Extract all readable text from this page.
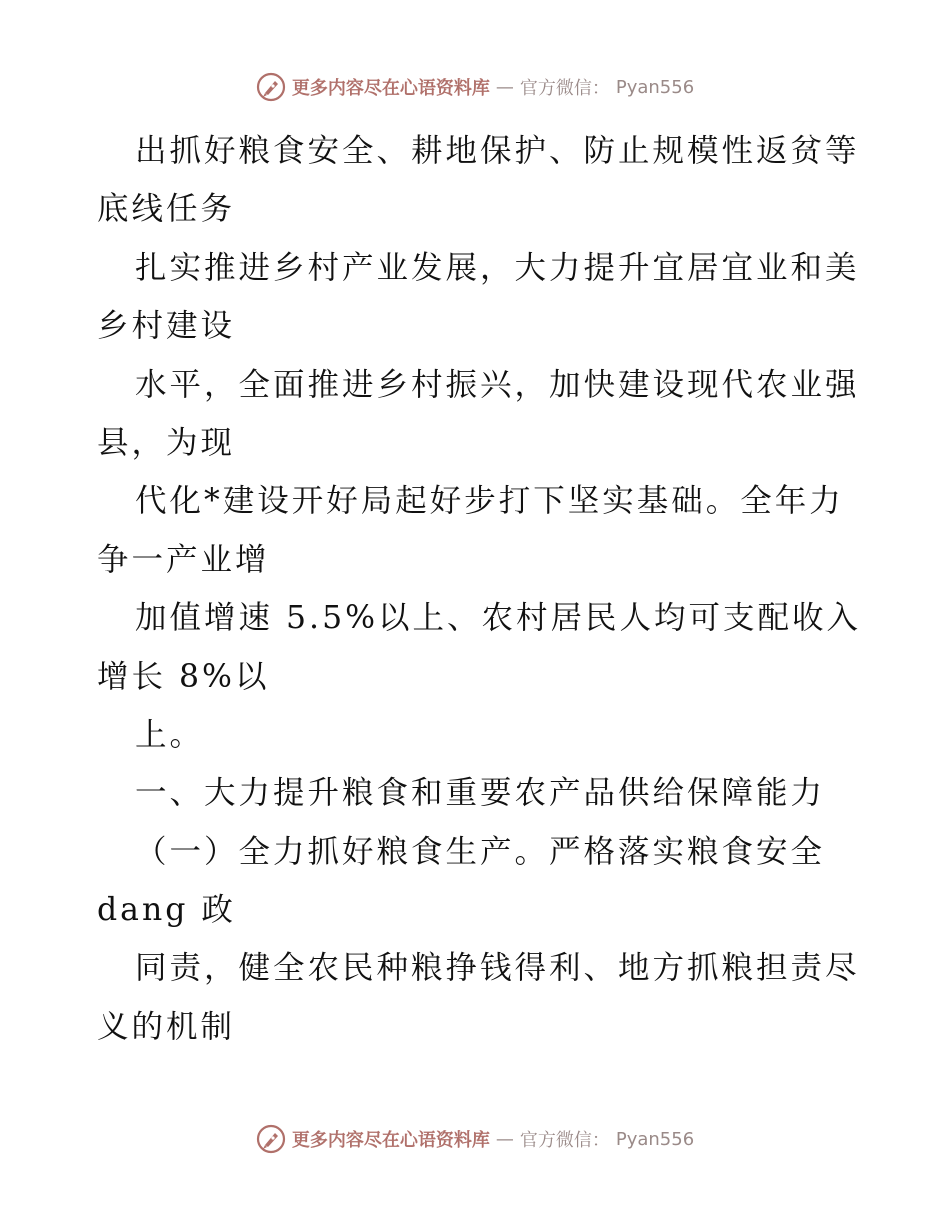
更多内容尽在心语资料库 — 官方微信： Pyan556
出抓好粮食安全、耕地保护、防止规模性返贫等
底线任务
扎实推进乡村产业发展，大力提升宜居宜业和美
乡村建设
水平，全面推进乡村振兴，加快建设现代农业强
县，为现
代化*建设开好局起好步打下坚实基础。全年力
争一产业增
加值增速 5.5%以上、农村居民人均可支配收入
增长 8%以
上。
一、大力提升粮食和重要农产品供给保障能力
（一）全力抓好粮食生产。严格落实粮食安全
dang 政
同责，健全农民种粮挣钱得利、地方抓粮担责尽
义的机制
更多内容尽在心语资料库 — 官方微信： Pyan556
